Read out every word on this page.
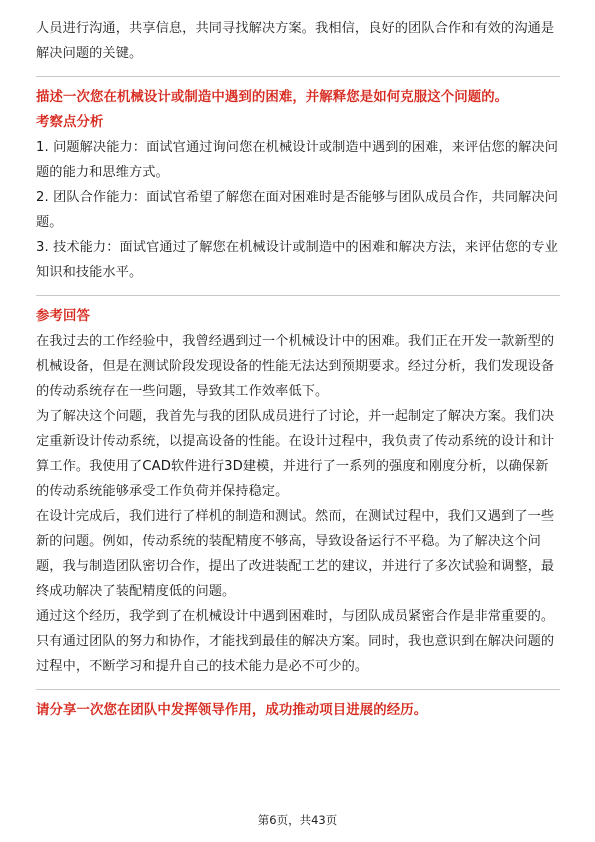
人员进行沟通，共享信息，共同寻找解决方案。我相信，良好的团队合作和有效的沟通是解决问题的关键。

描述一次您在机械设计或制造中遇到的困难，并解释您是如何克服这个问题的。

考察点分析

1. 问题解决能力：面试官通过询问您在机械设计或制造中遇到的困难，来评估您的解决问题的能力和思维方式。

2. 团队合作能力：面试官希望了解您在面对困难时是否能够与团队成员合作，共同解决问题。

3. 技术能力：面试官通过了解您在机械设计或制造中的困难和解决方法，来评估您的专业知识和技能水平。

参考回答

在我过去的工作经验中，我曾经遇到过一个机械设计中的困难。我们正在开发一款新型的机械设备，但是在测试阶段发现设备的性能无法达到预期要求。经过分析，我们发现设备的传动系统存在一些问题，导致其工作效率低下。

为了解决这个问题，我首先与我的团队成员进行了讨论，并一起制定了解决方案。我们决定重新设计传动系统，以提高设备的性能。在设计过程中，我负责了传动系统的设计和计算工作。我使用了CAD软件进行3D建模，并进行了一系列的强度和刚度分析，以确保新的传动系统能够承受工作负荷并保持稳定。

在设计完成后，我们进行了样机的制造和测试。然而，在测试过程中，我们又遇到了一些新的问题。例如，传动系统的装配精度不够高，导致设备运行不平稳。为了解决这个问题，我与制造团队密切合作，提出了改进装配工艺的建议，并进行了多次试验和调整，最终成功解决了装配精度低的问题。

通过这个经历，我学到了在机械设计中遇到困难时，与团队成员紧密合作是非常重要的。只有通过团队的努力和协作，才能找到最佳的解决方案。同时，我也意识到在解决问题的过程中，不断学习和提升自己的技术能力是必不可少的。

请分享一次您在团队中发挥领导作用，成功推动项目进展的经历。

第6页，共43页
